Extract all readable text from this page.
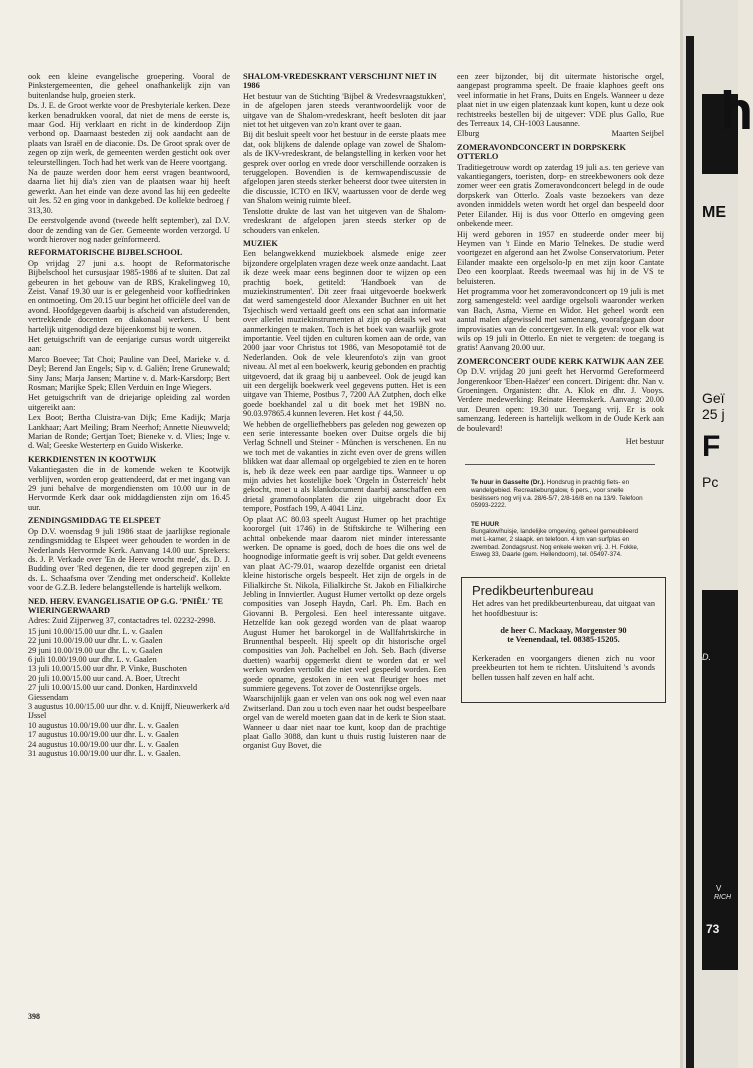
ook een kleine evangelische groepering. Vooral de Pinkstergemeenten, die geheel onafhankelijk zijn van buitenlandse hulp, groeien sterk.

Ds. J. E. de Groot werkte voor de Presbyteriale kerken. Deze kerken benadrukken vooral, dat niet de mens de eerste is, maar God. Hij verklaart en richt in de kinderdoop Zijn verbond op. Daarnaast besteden zij ook aandacht aan de plaats van Israël en de diaconie. Ds. De Groot sprak over de zegen op zijn werk, de gemeenten werden gesticht ook over teleurstellingen. Toch had het werk van de Heere voortgang.

Na de pauze werden door hem eerst vragen beantwoord, daarna liet hij dia's zien van de plaatsen waar hij heeft gewerkt. Aan het einde van deze avond las hij een gedeelte uit Jes. 52 en ging voor in dankgebed. De kollekte bedroeg ƒ 313,30.

De eerstvolgende avond (tweede helft september), zal D.V. door de zending van de Ger. Gemeente worden verzorgd. U wordt hierover nog nader geïnformeerd.

REFORMATORISCHE BIJBELSCHOOL

Op vrijdag 27 juni a.s. hoopt de Reformatorische Bijbelschool het cursusjaar 1985-1986 af te sluiten. Dat zal gebeuren in het gebouw van de RBS, Krakelingweg 10, Zeist. Vanaf 19.30 uur is er gelegenheid voor koffiedrinken en ontmoeting. Om 20.15 uur begint het officiële deel van de avond. Hoofdgegeven daarbij is afscheid van afstuderenden, vertrekkende docenten en diakonaal werkers. U bent hartelijk uitgenodigd deze bijeenkomst bij te wonen.

Het getuigschrift van de eenjarige cursus wordt uitgereikt aan:

Marco Boevee; Tat Choi; Pauline van Deel, Marieke v. d. Deyl; Berend Jan Engels; Sip v. d. Galiën; Irene Grunewald; Siny Jans; Marja Jansen; Martine v. d. Mark-Karsdorp; Bert Rosman; Marijke Spek; Ellen Verduin en Inge Wiegers.

Het getuigschrift van de driejarige opleiding zal worden uitgereikt aan:

Lex Boot; Bertha Cluistra-van Dijk; Eme Kadijk; Marja Lankhaar; Aart Meiling; Bram Neerhof; Annette Nieuwveld; Marian de Ronde; Gertjan Toet; Bieneke v. d. Vlies; Inge v. d. Wal; Geeske Westerterp en Guido Wiskerke.

KERKDIENSTEN IN KOOTWIJK

Vakantiegasten die in de komende weken te Kootwijk verblijven, worden erop geattendeerd, dat er met ingang van 29 juni behalve de morgendiensten om 10.00 uur in de Hervormde Kerk daar ook middagdiensten zijn om 16.45 uur.

ZENDINGSMIDDAG TE ELSPEET

Op D.V. woensdag 9 juli 1986 staat de jaarlijkse regionale zendingsmiddag te Elspeet weer gehouden te worden in de Nederlands Hervormde Kerk. Aanvang 14.00 uur. Sprekers: ds. J. P. Verkade over 'En de Heere wrocht mede', ds. D. J. Budding over 'Red degenen, die ter dood gegrepen zijn' en ds. L. Schaafsma over 'Zending met onderscheid'. Kollekte voor de G.Z.B. Iedere belangstellende is hartelijk welkom.

NED. HERV. EVANGELISATIE OP G.G. 'PNIËL' TE WIERINGERWAARD

Adres: Zuid Zijperweg 37, contactadres tel. 02232-2998.

15 juni 10.00/15.00 uur dhr. L. v. Gaalen
22 juni 10.00/19.00 uur dhr. L. v. Gaalen
29 juni 10.00/19.00 uur dhr. L. v. Gaalen
6 juli 10.00/19.00 uur dhr. L. v. Gaalen
13 juli 10.00/15.00 uur dhr. P. Vinke, Buschoten
20 juli 10.00/15.00 uur cand. A. Boer, Utrecht
27 juli 10.00/15.00 uur cand. Donken, Hardinxveld Giessendam
3 augustus 10.00/15.00 uur dhr. v. d. Knijff, Nieuwerkerk a/d IJssel
10 augustus 10.00/19.00 uur dhr. L. v. Gaalen
17 augustus 10.00/19.00 uur dhr. L. v. Gaalen
24 augustus 10.00/19.00 uur dhr. L. v. Gaalen
31 augustus 10.00/19.00 uur dhr. L. v. Gaalen.
SHALOM-VREDESKRANT VERSCHIJNT NIET IN 1986

Het bestuur van de Stichting 'Bijbel & Vredesvraagstukken', in de afgelopen jaren steeds verantwoordelijk voor de uitgave van de Shalom-vredeskrant, heeft besloten dit jaar niet tot het uitgeven van zo'n krant over te gaan.

Bij dit besluit speelt voor het bestuur in de eerste plaats mee dat, ook blijkens de dalende oplage van zowel de Shalom- als de IKV-vredeskrant, de belangstelling in kerken voor het gesprek over oorlog en vrede door verschillende oorzaken is teruggelopen. Bovendien is de kernwapendiscussie de afgelopen jaren steeds sterker beheerst door twee uitersten in die discussie, ICTO en IKV, waartussen voor de derde weg van Shalom weinig ruimte bleef.

Tenslotte drukte de last van het uitgeven van de Shalom-vredeskrant de afgelopen jaren steeds sterker op de schouders van enkelen.

MUZIEK

Een belangwekkend muziekboek alsmede enige zeer bijzondere orgelplaten vragen deze week onze aandacht. Laat ik deze week maar eens beginnen door te wijzen op een prachtig boek, getiteld: 'Handboek van de muziekinstrumenten'. Dit zeer fraai uitgevoerde boekwerk dat werd samengesteld door Alexander Buchner en uit het Tsjechisch werd vertaald geeft ons een schat aan informatie over allerlei muziekinstrumenten al zijn op details wel wat aanmerkingen te maken. Toch is het boek van waarlijk grote importantie. Veel tijden en culturen komen aan de orde, van 2000 jaar voor Christus tot 1986, van Mesopotamië tot de Nederlanden. Ook de vele kleurenfoto's zijn van groot niveau. Al met al een boekwerk, keurig gebonden en prachtig uitgevoerd, dat ik graag bij u aanbeveel. Ook de jeugd kan uit een dergelijk boekwerk veel gegevens putten. Het is een uitgave van Thieme, Postbus 7, 7200 AA Zutphen, doch elke goede boekhandel zal u dit boek met het 19BN no. 90.03.97865.4 kunnen leveren. Het kost ƒ 44,50.

We hebben de orgelliefhebbers pas geleden nog gewezen op een serie interessante boeken over Duitse orgels die bij Verlag Schnell und Steiner - München is verschenen. En nu we toch met de vakanties in zicht even over de grens willen blikken wat daar allemaal op orgelgebied te zien en te horen is, heb ik deze week een paar aardige tips. Wanneer u op mijn advies het kostelijke boek 'Orgeln in Österreich' hebt gekocht, moet u als klankdocument daarbij aanschaffen een drietal grammofoonplaten die zijn uitgebracht door Ex tempore, Postfach 199, A 4041 Linz.

Op plaat AC 80.03 speelt August Humer op het prachtige koororgel (uit 1746) in de Stiftskirche te Wilhering een achttal onbekende maar daarom niet minder interessante werken. De opname is goed, doch de hoes die ons wel de hoognodige informatie geeft is vrij sober. Dat geldt eveneens van plaat AC-79.01, waarop dezelfde organist een drietal kleine historische orgels bespeelt. Het zijn de orgels in de Filialkirche St. Nikola, Filialkirche St. Jakob en Filialkirche Jebling in Innviertler. August Humer vertolkt op deze orgels composities van Joseph Haydn, Carl. Ph. Em. Bach en Giovanni B. Pergolesi. Een heel interessante uitgave. Hetzelfde kan ook gezegd worden van de plaat waarop August Humer het barokorgel in de Wallfahrtskirche in Brunnenthal bespeelt. Hij speelt op dit historische orgel composities van Joh. Pachelbel en Joh. Seb. Bach (diverse duetten) waarbij opgemerkt dient te worden dat er wel werken worden vertolkt die niet veel gespeeld worden. Een goede opname, gestoken in een wat fleuriger hoes met summiere gegevens. Tot zover de Oostenrijkse orgels.

Waarschijnlijk gaan er velen van ons ook nog wel even naar Zwitserland. Dan zou u toch even naar het oudst bespeelbare orgel van de wereld moeten gaan dat in de kerk te Sion staat. Wanneer u daar niet naar toe kunt, koop dan de prachtige plaat Gallo 3088, dan kunt u thuis rustig luisteren naar de organist Guy Bovet, die

een zeer bijzonder, bij dit uitermate historische orgel, aangepast programma speelt. De fraaie klaphoes geeft ons veel informatie in het Frans, Duits en Engels. Wanneer u deze plaat niet in uw eigen platenzaak kunt kopen, kunt u deze ook rechtstreeks bestellen bij de uitgever: VDE plus Gallo, Rue des Terreaux 14, CH-1003 Lausanne.

Elburg	Maarten Seijbel
ZOMERAVONDCONCERT IN DORPSKERK OTTERLO

Traditiegetrouw wordt op zaterdag 19 juli a.s. ten gerieve van vakantiegangers, toeristen, dorp- en streekbewoners ook deze zomer weer een gratis Zomeravondconcert belegd in de oude dorpskerk van Otterlo. Zoals vaste bezoekers van deze avonden inmiddels weten wordt het orgel dan bespeeld door Peter Eilander. Hij is dus voor Otterlo en omgeving geen onbekende meer.

Hij werd geboren in 1957 en studeerde onder meer bij Heymen van 't Einde en Mario Telnekes. De studie werd voortgezet en afgerond aan het Zwolse Conservatorium. Peter Eilander maakte een orgelsolo-lp en met zijn koor Cantate Deo een koorplaat. Reeds tweemaal was hij in de VS te beluisteren.

Het programma voor het zomeravondconcert op 19 juli is met zorg samengesteld: veel aardige orgelsoli waaronder werken van Bach, Asma, Vierne en Widor. Het geheel wordt een aantal malen afgewisseld met samenzang, voorafgegaan door improvisaties van de concertgever. In elk geval: voor elk wat wils op 19 juli in Otterlo. En niet te vergeten: de toegang is gratis! Aanvang 20.00 uur.

ZOMERCONCERT OUDE KERK KATWIJK AAN ZEE

Op D.V. vrijdag 20 juni geeft het Hervormd Gereformeerd Jongerenkoor 'Eben-Haëzer' een concert. Dirigent: dhr. Nan v. Groeningen. Organisten: dhr. A. Klok en dhr. J. Vooys. Verdere medewerking: Reinate Heemskerk. Aanvang: 20.00 uur. Deuren open: 19.30 uur. Toegang vrij. Er is ook samenzang. Iedereen is hartelijk welkom in de Oude Kerk aan de boulevard!

Het bestuur

Te huur in Gasselte (Dr.). Hondsrug in prachtig fiets- en wandelgebied. Recreatiebungalow, 6 pers., voor snelle beslissers nog vrij v.a. 28/6-5/7, 2/8-16/8 en na 13/9. Telefoon 05993-2222.

TE HUUR

Bungalow/huisje, landelijke omgeving, geheel gemeubileerd met L-kamer, 2 slaapk. en telefoon. 4 km van surfplas en zwembad. Zondagsrust. Nog enkele weken vrij. J. H. Fokke, Esweg 33, Daarle (gem. Hellendoorn), tel. 05497-374.

Predikbeurtenbureau

Het adres van het predikbeurtenbureau, dat uitgaat van het hoofdbestuur is:

de heer C. Mackaay, Morgenster 90
te Veenendaal, tel. 08385-15205.

Kerkeraden en voorgangers dienen zich nu voor preekbeurten tot hem te richten. Uitsluitend 's avonds bellen tussen half zeven en half acht.

398
h
ME
Geï
25 j
F
Pc
D.
V
RICH
73
